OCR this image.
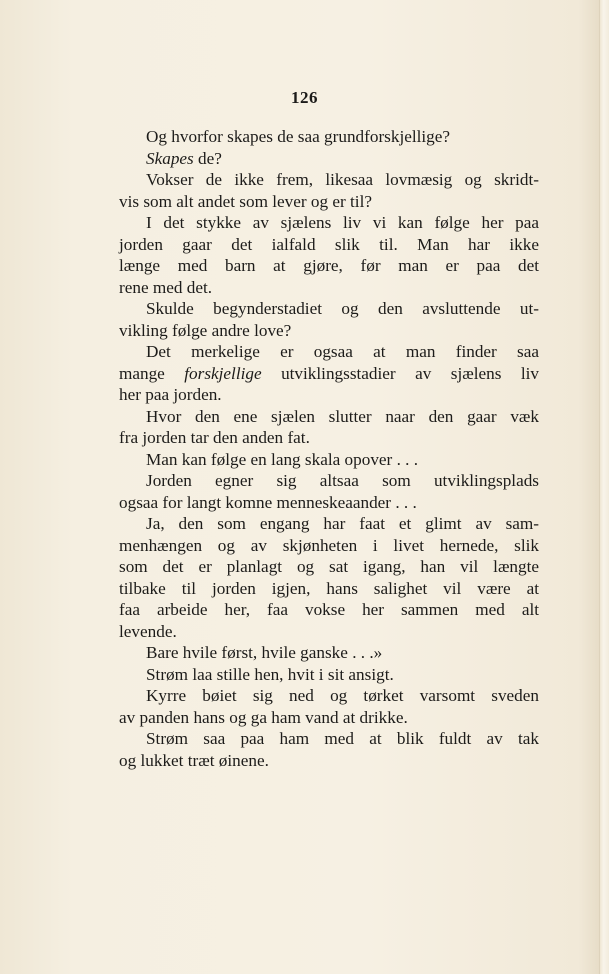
126
Og hvorfor skapes de saa grundforskjellige?
Skapes de?
Vokser de ikke frem, likesaa lovmæsig og skridt-
vis som alt andet som lever og er til?
I det stykke av sjælens liv vi kan følge her paa
jorden gaar det ialfald slik til. Man har ikke
længe med barn at gjøre, før man er paa det
rene med det.
Skulde begynderstadiet og den avsluttende ut-
vikling følge andre love?
Det merkelige er ogsaa at man finder saa
mange forskjellige utviklingsstadier av sjælens liv
her paa jorden.
Hvor den ene sjælen slutter naar den gaar væk
fra jorden tar den anden fat.
Man kan følge en lang skala opover . . .
Jorden egner sig altsaa som utviklingsplads
ogsaa for langt komne menneskeaander . . .
Ja, den som engang har faat et glimt av sam-
menhængen og av skjønheten i livet hernede, slik
som det er planlagt og sat igang, han vil længte
tilbake til jorden igjen, hans salighet vil være at
faa arbeide her, faa vokse her sammen med alt
levende.
Bare hvile først, hvile ganske . . .»
Strøm laa stille hen, hvit i sit ansigt.
Kyrre bøiet sig ned og tørket varsomt sveden
av panden hans og ga ham vand at drikke.
Strøm saa paa ham med at blik fuldt av tak
og lukket træt øinene.
